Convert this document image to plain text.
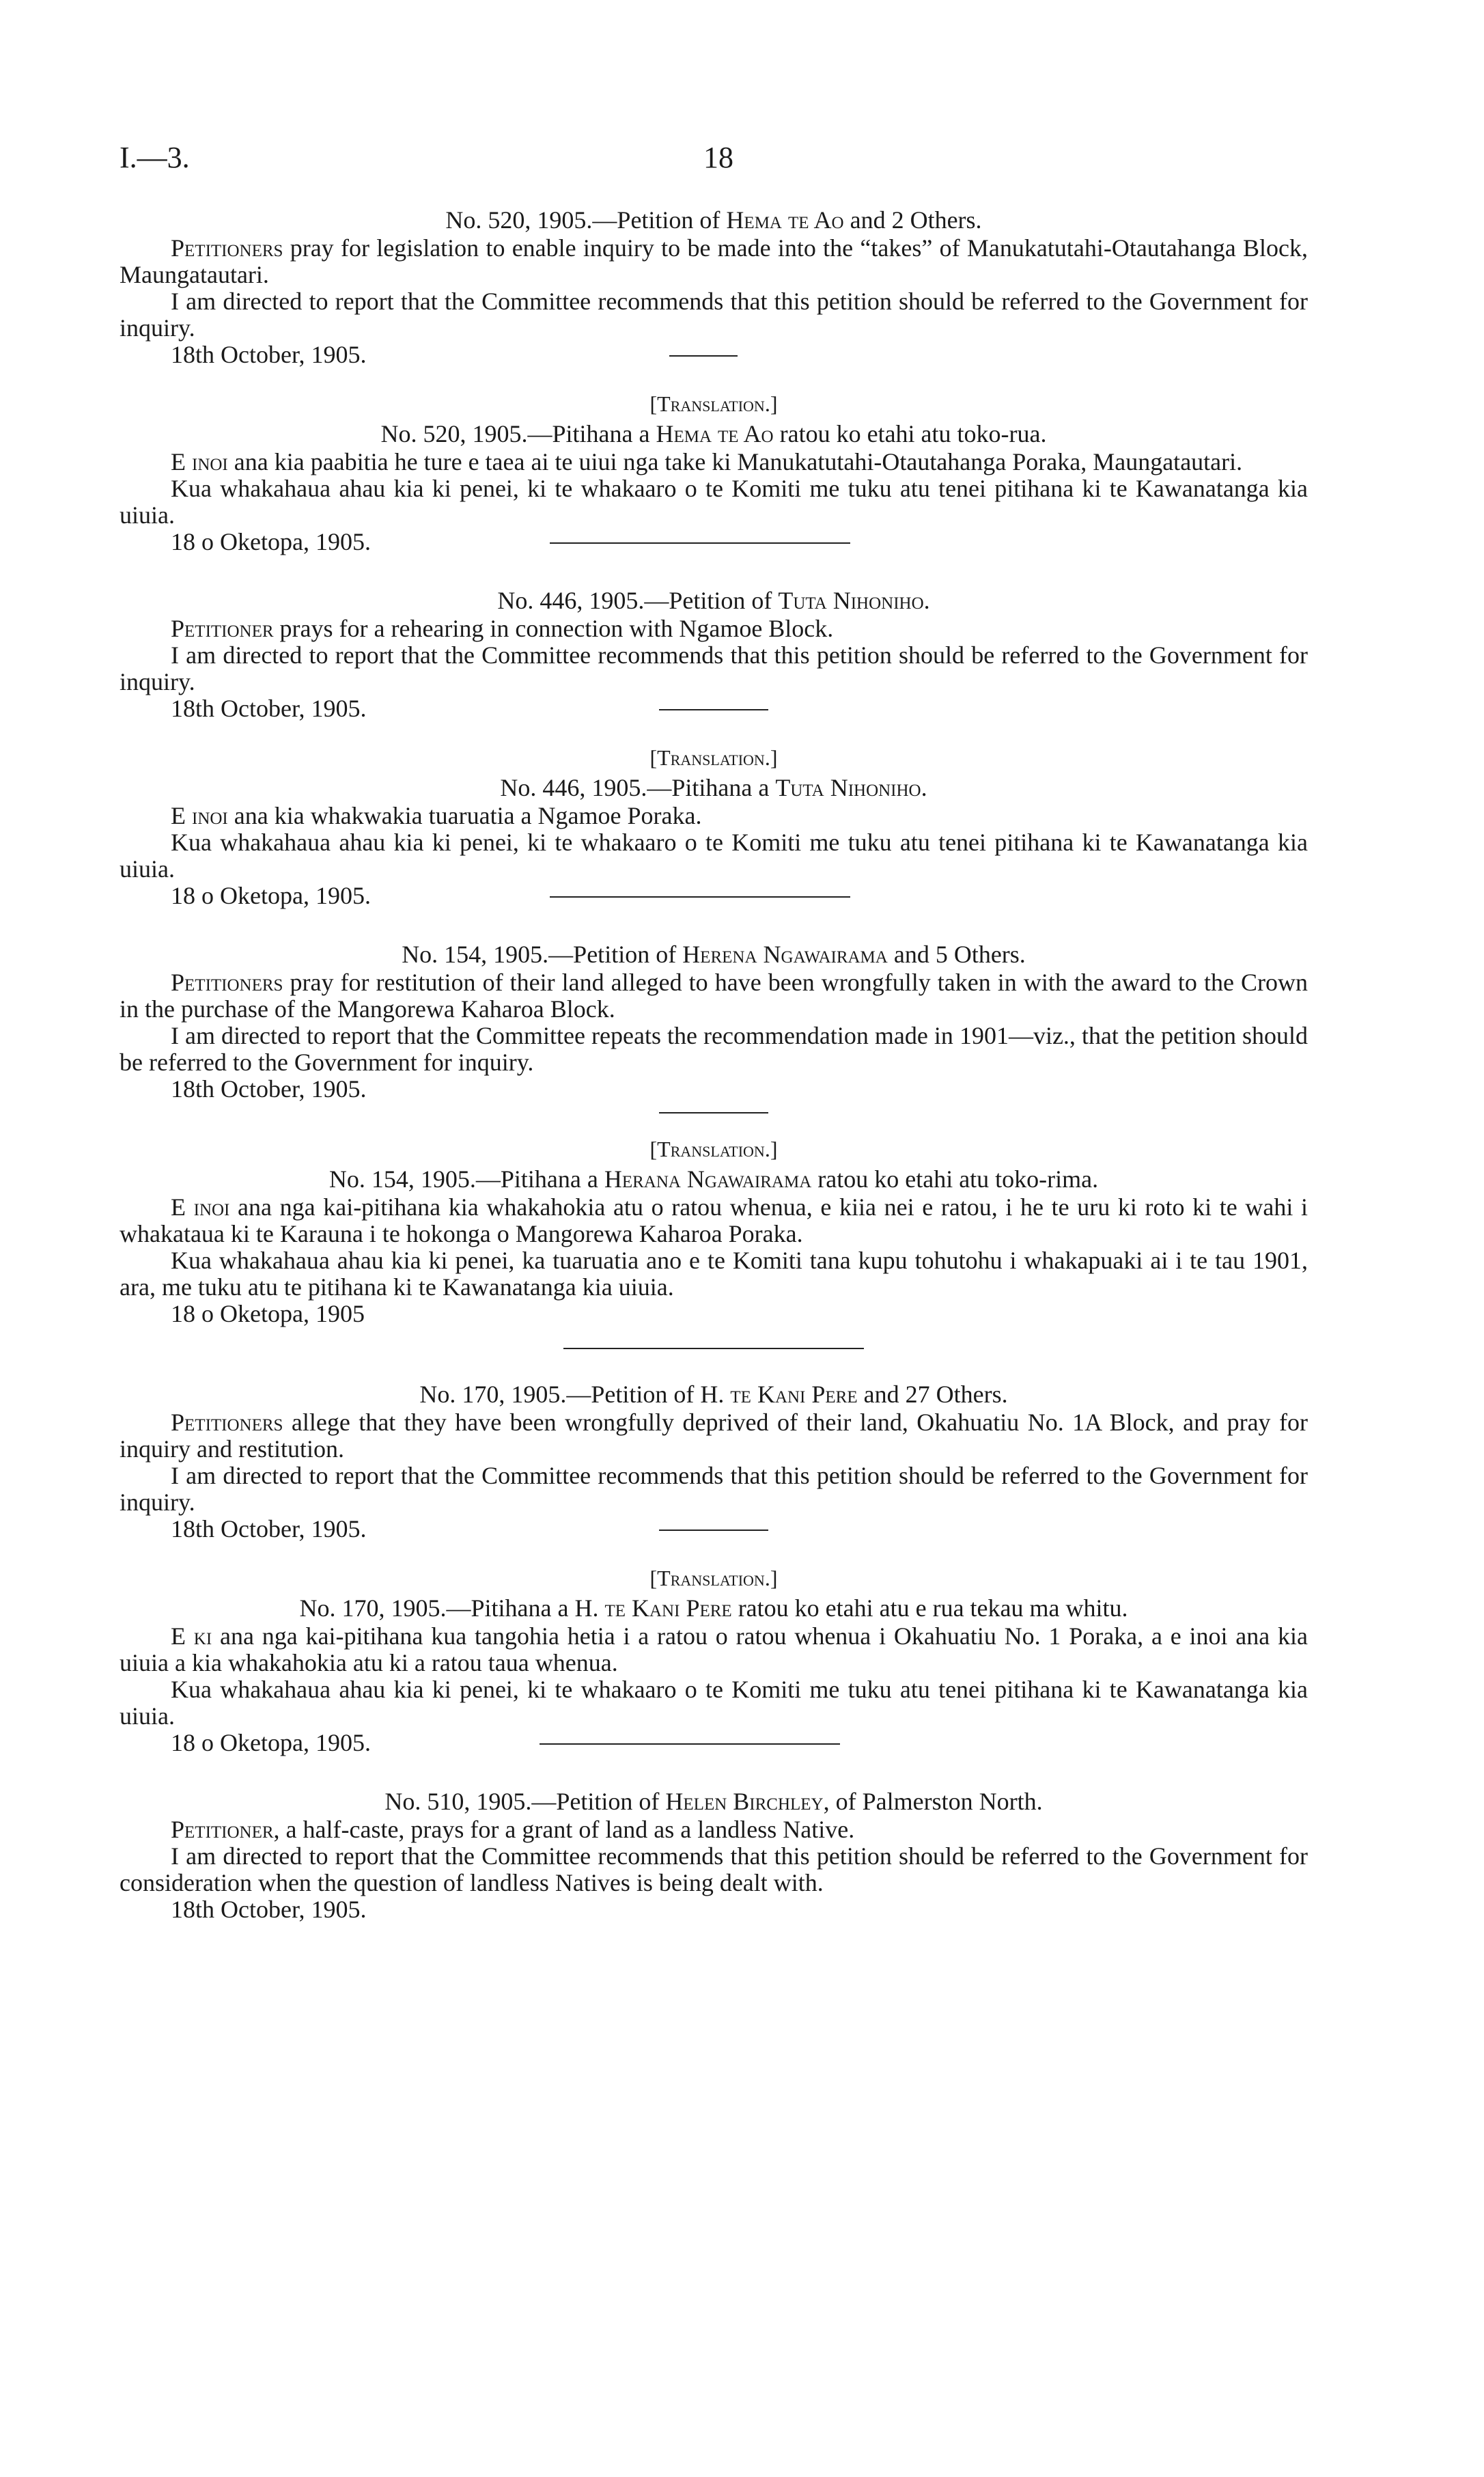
I.—3.	18

No. 520, 1905.—Petition of Hema te Ao and 2 Others.

Petitioners pray for legislation to enable inquiry to be made into the “takes” of Manukatutahi-Otautahanga Block, Maungatautari.

I am directed to report that the Committee recommends that this petition should be referred to the Government for inquiry.

18th October, 1905.

[Translation.]

No. 520, 1905.—Pitihana a Hema te Ao ratou ko etahi atu toko-rua.

E inoi ana kia paabitia he ture e taea ai te uiui nga take ki Manukatutahi-Otautahanga Poraka, Maungatautari.

Kua whakahaua ahau kia ki penei, ki te whakaaro o te Komiti me tuku atu tenei pitihana ki te Kawanatanga kia uiuia.

18 o Oketopa, 1905.

No. 446, 1905.—Petition of Tuta Nihoniho.

Petitioner prays for a rehearing in connection with Ngamoe Block.

I am directed to report that the Committee recommends that this petition should be referred to the Government for inquiry.

18th October, 1905.

[Translation.]

No. 446, 1905.—Pitihana a Tuta Nihoniho.

E inoi ana kia whakwakia tuaruatia a Ngamoe Poraka.

Kua whakahaua ahau kia ki penei, ki te whakaaro o te Komiti me tuku atu tenei pitihana ki te Kawanatanga kia uiuia.

18 o Oketopa, 1905.

No. 154, 1905.—Petition of Herena Ngawairama and 5 Others.

Petitioners pray for restitution of their land alleged to have been wrongfully taken in with the award to the Crown in the purchase of the Mangorewa Kaharoa Block.

I am directed to report that the Committee repeats the recommendation made in 1901—viz., that the petition should be referred to the Government for inquiry.

18th October, 1905.

[Translation.]

No. 154, 1905.—Pitihana a Herana Ngawairama ratou ko etahi atu toko-rima.

E inoi ana nga kai-pitihana kia whakahokia atu o ratou whenua, e kiia nei e ratou, i he te uru ki roto ki te wahi i whakataua ki te Karauna i te hokonga o Mangorewa Kaharoa Poraka.

Kua whakahaua ahau kia ki penei, ka tuaruatia ano e te Komiti tana kupu tohutohu i whakapuaki ai i te tau 1901, ara, me tuku atu te pitihana ki te Kawanatanga kia uiuia.

18 o Oketopa, 1905

No. 170, 1905.—Petition of H. te Kani Pere and 27 Others.

Petitioners allege that they have been wrongfully deprived of their land, Okahuatiu No. 1A Block, and pray for inquiry and restitution.

I am directed to report that the Committee recommends that this petition should be referred to the Government for inquiry.

18th October, 1905.

[Translation.]

No. 170, 1905.—Pitihana a H. te Kani Pere ratou ko etahi atu e rua tekau ma whitu.

E ki ana nga kai-pitihana kua tangohia hetia i a ratou o ratou whenua i Okahuatiu No. 1 Poraka, a e inoi ana kia uiuia a kia whakahokia atu ki a ratou taua whenua.

Kua whakahaua ahau kia ki penei, ki te whakaaro o te Komiti me tuku atu tenei pitihana ki te Kawanatanga kia uiuia.

18 o Oketopa, 1905.

No. 510, 1905.—Petition of Helen Birchley, of Palmerston North.

Petitioner, a half-caste, prays for a grant of land as a landless Native.

I am directed to report that the Committee recommends that this petition should be referred to the Government for consideration when the question of landless Natives is being dealt with.

18th October, 1905.
